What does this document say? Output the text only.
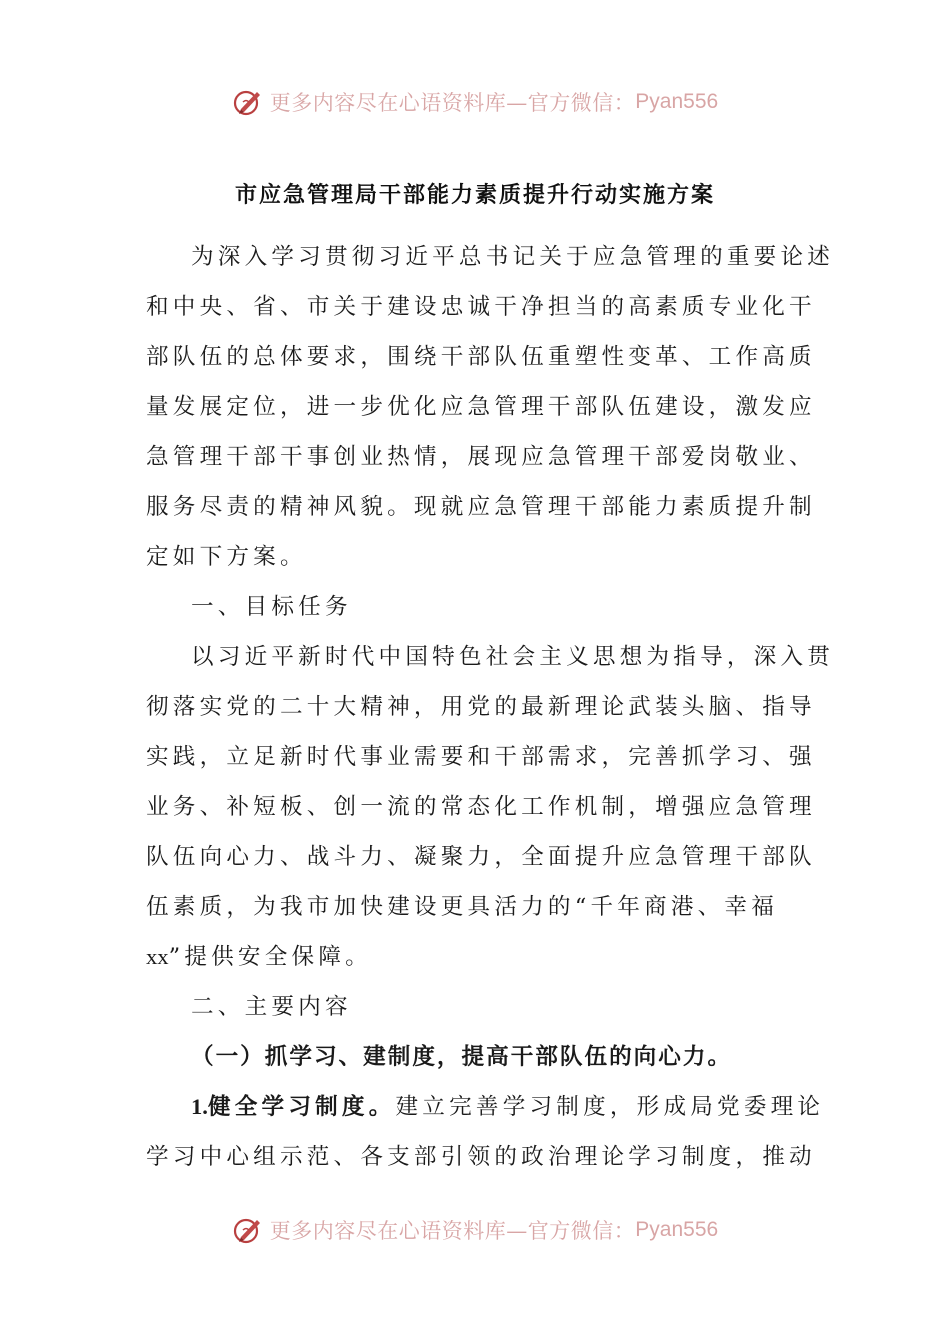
更多内容尽在心语资料库—官方微信： Pyan556
市应急管理局干部能力素质提升行动实施方案
为深入学习贯彻习近平总书记关于应急管理的重要论述
和中央、省、市关于建设忠诚干净担当的高素质专业化干
部队伍的总体要求，围绕干部队伍重塑性变革、工作高质
量发展定位，进一步优化应急管理干部队伍建设，激发应
急管理干部干事创业热情，展现应急管理干部爱岗敬业、
服务尽责的精神风貌。现就应急管理干部能力素质提升制
定如下方案。
一、目标任务
以习近平新时代中国特色社会主义思想为指导，深入贯
彻落实党的二十大精神，用党的最新理论武装头脑、指导
实践，立足新时代事业需要和干部需求，完善抓学习、强
业务、补短板、创一流的常态化工作机制，增强应急管理
队伍向心力、战斗力、凝聚力，全面提升应急管理干部队
伍素质，为我市加快建设更具活力的“千年商港、幸福
xx”提供安全保障。
二、主要内容
（一）抓学习、建制度，提高干部队伍的向心力。
1.健全学习制度。建立完善学习制度，形成局党委理论
学习中心组示范、各支部引领的政治理论学习制度，推动
更多内容尽在心语资料库—官方微信： Pyan556
